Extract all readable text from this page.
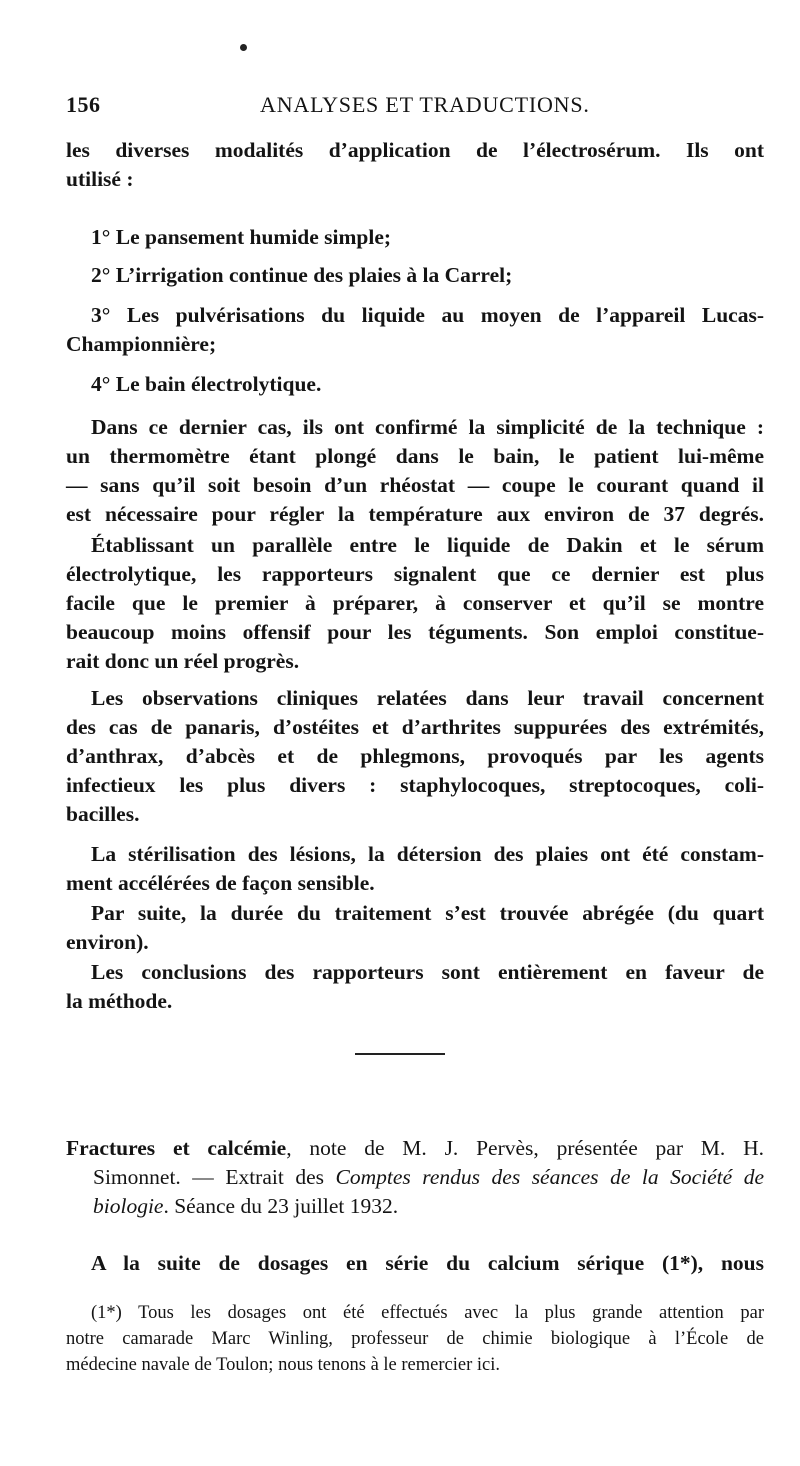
156	ANALYSES ET TRADUCTIONS.
les diverses modalités d’application de l’électrosérum. Ils ont
utilisé :
1° Le pansement humide simple;
2° L’irrigation continue des plaies à la Carrel;
3° Les pulvérisations du liquide au moyen de l’appareil Lucas-
Championnière;
4° Le bain électrolytique.
Dans ce dernier cas, ils ont confirmé la simplicité de la technique :
un thermomètre étant plongé dans le bain, le patient lui-même
— sans qu’il soit besoin d’un rhéostat — coupe le courant quand il
est nécessaire pour régler la température aux environ de 37 degrés.
Établissant un parallèle entre le liquide de Dakin et le sérum
électrolytique, les rapporteurs signalent que ce dernier est plus
facile que le premier à préparer, à conserver et qu’il se montre
beaucoup moins offensif pour les téguments. Son emploi constitue-
rait donc un réel progrès.
Les observations cliniques relatées dans leur travail concernent
des cas de panaris, d’ostéites et d’arthrites suppurées des extrémités,
d’anthrax, d’abcès et de phlegmons, provoqués par les agents
infectieux les plus divers : staphylocoques, streptocoques, coli-
bacilles.
La stérilisation des lésions, la détersion des plaies ont été constam-
ment accélérées de façon sensible.
Par suite, la durée du traitement s’est trouvée abrégée (du quart
environ).
Les conclusions des rapporteurs sont entièrement en faveur de
la méthode.
Fractures et calcémie, note de M. J. Pervès, présentée par M. H.
Simonnet. — Extrait des Comptes rendus des séances de la Société de
biologie. Séance du 23 juillet 1932.
A la suite de dosages en série du calcium sérique (1*), nous
(1*) Tous les dosages ont été effectués avec la plus grande attention par
notre camarade Marc Winling, professeur de chimie biologique à l’École de
médecine navale de Toulon; nous tenons à le remercier ici.
